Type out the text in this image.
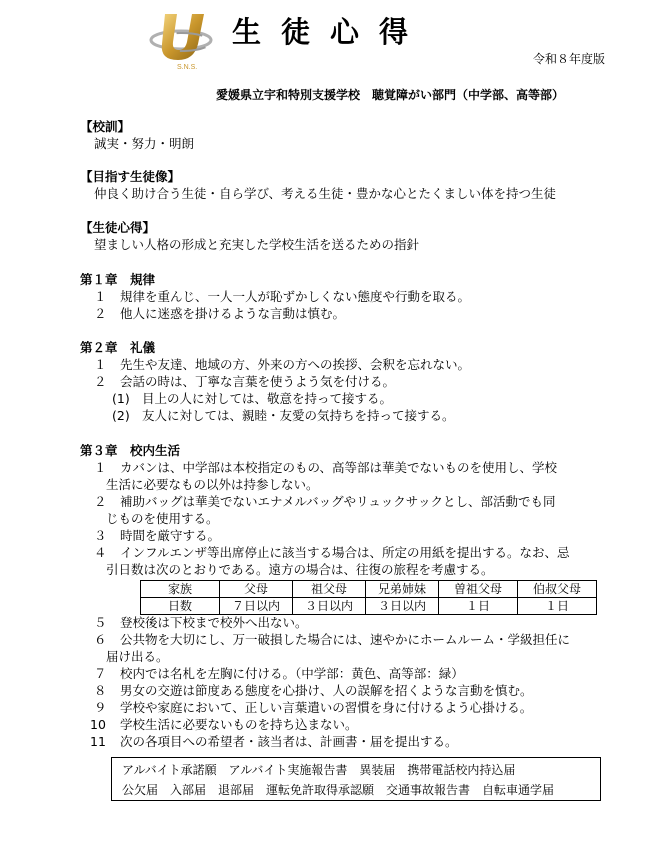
S.N.S.
生徒心得
令和８年度版
愛媛県立宇和特別支援学校　聴覚障がい部門（中学部、高等部）
【校訓】
誠実・努力・明朗
【目指す生徒像】
仲良く助け合う生徒・自ら学び、考える生徒・豊かな心とたくましい体を持つ生徒
【生徒心得】
望ましい人格の形成と充実した学校生活を送るための指針
第１章　規律
１ 規律を重んじ、一人一人が恥ずかしくない態度や行動を取る。
２ 他人に迷惑を掛けるような言動は慎む。
第２章　礼儀
１ 先生や友達、地域の方、外来の方への挨拶、会釈を忘れない。
２ 会話の時は、丁寧な言葉を使うよう気を付ける。
(1) 目上の人に対しては、敬意を持って接する。
(2) 友人に対しては、親睦・友愛の気持ちを持って接する。
第３章　校内生活
１ カバンは、中学部は本校指定のもの、高等部は華美でないものを使用し、学校
生活に必要なもの以外は持参しない。
２ 補助バッグは華美でないエナメルバッグやリュックサックとし、部活動でも同
じものを使用する。
３ 時間を厳守する。
４ インフルエンザ等出席停止に該当する場合は、所定の用紙を提出する。なお、忌
引日数は次のとおりである。遠方の場合は、往復の旅程を考慮する。
家族	父母	祖父母	兄弟姉妹	曽祖父母	伯叔父母
日数	７日以内	３日以内	３日以内	１日	１日
５ 登校後は下校まで校外へ出ない。
６ 公共物を大切にし、万一破損した場合には、速やかにホームルーム・学級担任に
届け出る。
７ 校内では名札を左胸に付ける。（中学部：黄色、高等部：緑）
８ 男女の交遊は節度ある態度を心掛け、人の誤解を招くような言動を慎む。
９ 学校や家庭において、正しい言葉遣いの習慣を身に付けるよう心掛ける。
10 学校生活に必要ないものを持ち込まない。
11 次の各項目への希望者・該当者は、計画書・届を提出する。
アルバイト承諾願　アルバイト実施報告書　異装届　携帯電話校内持込届
公欠届　入部届　退部届　運転免許取得承認願　交通事故報告書　自転車通学届
